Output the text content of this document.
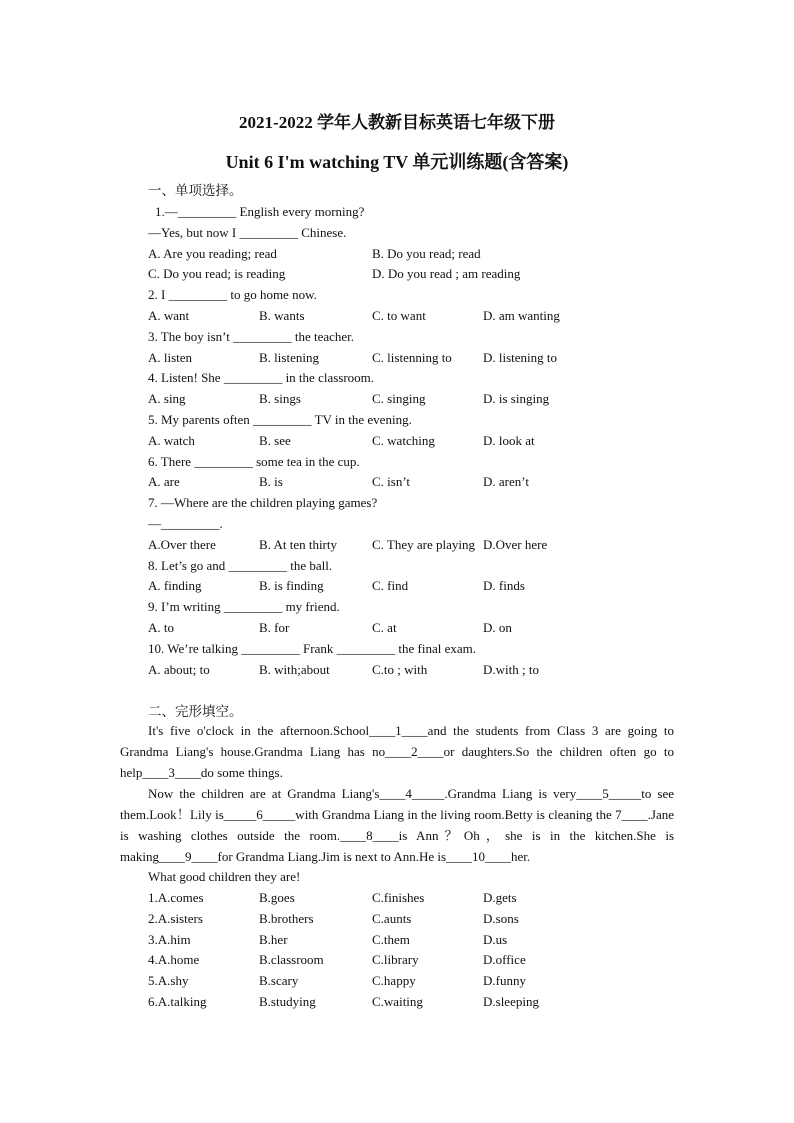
2021-2022 学年人教新目标英语七年级下册
Unit 6 I'm watching TV 单元训练题(含答案)
一、单项选择。
1.—_________ English every morning?
—Yes, but now I _________ Chinese.
A. Are you reading; read	B. Do you read; read
C. Do you read; is reading	D. Do you read ; am reading
2. I _________ to go home now.
A. want	B. wants	C. to want	D. am wanting
3. The boy isn’t _________ the teacher.
A. listen	B. listening	C. listenning to D. listening to
4. Listen! She _________ in the classroom.
A. sing	B. sings	C. singing	D. is singing
5. My parents often _________ TV in the evening.
A. watch	B. see	C. watching	D. look at
6. There _________ some tea in the cup.
A. are	B. is	C. isn’t	D. aren’t
7. —Where are the children playing games?
—_________.
A.Over there	B. At ten thirty	C. They are playing D.Over here
8. Let’s go and _________ the ball.
A. finding	B. is finding	C. find	D. finds
9. I’m writing _________ my friend.
A. to	B. for	C. at	D. on
10. We’re talking _________ Frank _________ the final exam.
A. about; to	B. with;about	C.to ; with	D.with ; to
二、完形填空。
It's five o'clock in the afternoon.School____1____and the students from Class 3 are going to Grandma Liang's house.Grandma Liang has no____2____or daughters.So the children often go to help____3____do some things.
Now the children are at Grandma Liang's____4_____.Grandma Liang is very____5_____to see them.Look！Lily is_____6_____with Grandma Liang in the living room.Betty is cleaning the 7____.Jane is washing clothes outside the room.____8____is Ann？Oh，she is in the kitchen.She is making____9____for Grandma Liang.Jim is next to Ann.He is____10____her.
What good children they are!
1.A.comes	B.goes	C.finishes	D.gets
2.A.sisters	B.brothers	C.aunts	D.sons
3.A.him	B.her	C.them	D.us
4.A.home	B.classroom	C.library	D.office
5.A.shy	B.scary	C.happy	D.funny
6.A.talking	B.studying	C.waiting	D.sleeping
